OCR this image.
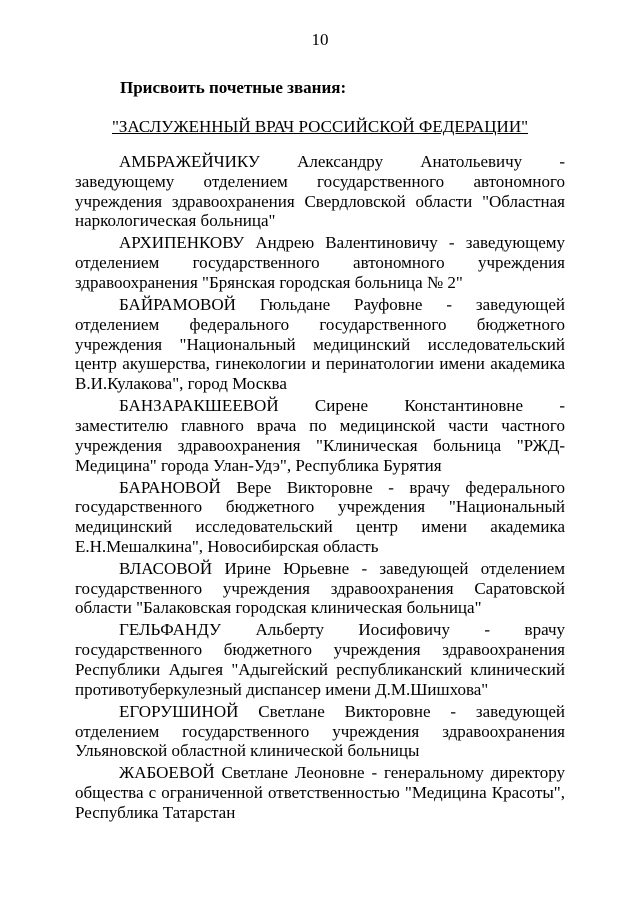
10
Присвоить почетные звания:
"ЗАСЛУЖЕННЫЙ ВРАЧ РОССИЙСКОЙ ФЕДЕРАЦИИ"

АМБРАЖЕЙЧИКУ Александру Анатольевичу - заведующему отделением государственного автономного учреждения здравоохранения Свердловской области "Областная наркологическая больница"

АРХИПЕНКОВУ Андрею Валентиновичу - заведующему отделением государственного автономного учреждения здравоохранения "Брянская городская больница № 2"

БАЙРАМОВОЙ Гюльдане Рауфовне - заведующей отделением федерального государственного бюджетного учреждения "Национальный медицинский исследовательский центр акушерства, гинекологии и перинатологии имени академика В.И.Кулакова", город Москва

БАНЗАРАКШЕЕВОЙ Сирене Константиновне - заместителю главного врача по медицинской части частного учреждения здравоохранения "Клиническая больница "РЖД-Медицина" города Улан-Удэ", Республика Бурятия

БАРАНОВОЙ Вере Викторовне - врачу федерального государственного бюджетного учреждения "Национальный медицинский исследовательский центр имени академика Е.Н.Мешалкина", Новосибирская область

ВЛАСОВОЙ Ирине Юрьевне - заведующей отделением государственного учреждения здравоохранения Саратовской области "Балаковская городская клиническая больница"

ГЕЛЬФАНДУ Альберту Иосифовичу - врачу государственного бюджетного учреждения здравоохранения Республики Адыгея "Адыгейский республиканский клинический противотуберкулезный диспансер имени Д.М.Шишхова"

ЕГОРУШИНОЙ Светлане Викторовне - заведующей отделением государственного учреждения здравоохранения Ульяновской областной клинической больницы

ЖАБОЕВОЙ Светлане Леоновне - генеральному директору общества с ограниченной ответственностью "Медицина Красоты", Республика Татарстан
